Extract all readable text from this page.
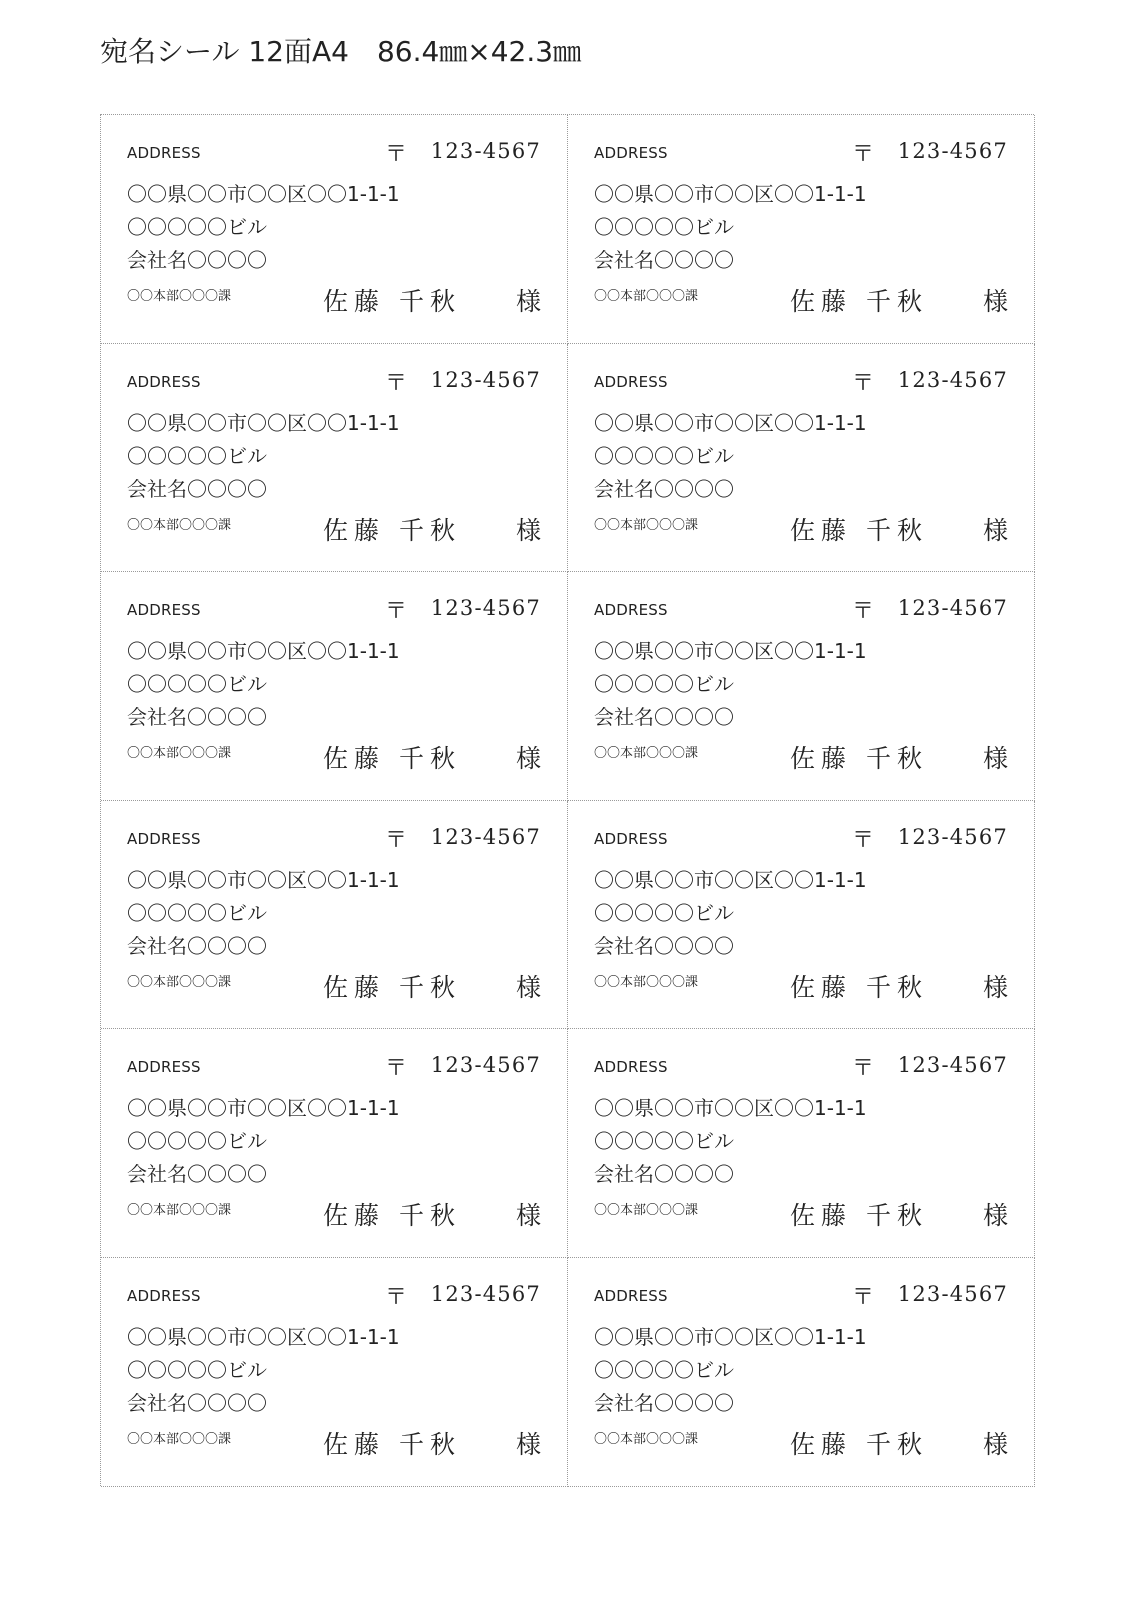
宛名シール 12面A4　86.4㎜×42.3㎜
ADDRESS	〒 123-4567
〇〇県〇〇市〇〇区〇〇1-1-1
〇〇〇〇〇ビル
会社名〇〇〇〇
〇〇本部〇〇〇課	佐藤 千秋 様
ADDRESS	〒 123-4567
〇〇県〇〇市〇〇区〇〇1-1-1
〇〇〇〇〇ビル
会社名〇〇〇〇
〇〇本部〇〇〇課	佐藤 千秋 様
ADDRESS	〒 123-4567
〇〇県〇〇市〇〇区〇〇1-1-1
〇〇〇〇〇ビル
会社名〇〇〇〇
〇〇本部〇〇〇課	佐藤 千秋 様
ADDRESS	〒 123-4567
〇〇県〇〇市〇〇区〇〇1-1-1
〇〇〇〇〇ビル
会社名〇〇〇〇
〇〇本部〇〇〇課	佐藤 千秋 様
ADDRESS	〒 123-4567
〇〇県〇〇市〇〇区〇〇1-1-1
〇〇〇〇〇ビル
会社名〇〇〇〇
〇〇本部〇〇〇課	佐藤 千秋 様
ADDRESS	〒 123-4567
〇〇県〇〇市〇〇区〇〇1-1-1
〇〇〇〇〇ビル
会社名〇〇〇〇
〇〇本部〇〇〇課	佐藤 千秋 様
ADDRESS	〒 123-4567
〇〇県〇〇市〇〇区〇〇1-1-1
〇〇〇〇〇ビル
会社名〇〇〇〇
〇〇本部〇〇〇課	佐藤 千秋 様
ADDRESS	〒 123-4567
〇〇県〇〇市〇〇区〇〇1-1-1
〇〇〇〇〇ビル
会社名〇〇〇〇
〇〇本部〇〇〇課	佐藤 千秋 様
ADDRESS	〒 123-4567
〇〇県〇〇市〇〇区〇〇1-1-1
〇〇〇〇〇ビル
会社名〇〇〇〇
〇〇本部〇〇〇課	佐藤 千秋 様
ADDRESS	〒 123-4567
〇〇県〇〇市〇〇区〇〇1-1-1
〇〇〇〇〇ビル
会社名〇〇〇〇
〇〇本部〇〇〇課	佐藤 千秋 様
ADDRESS	〒 123-4567
〇〇県〇〇市〇〇区〇〇1-1-1
〇〇〇〇〇ビル
会社名〇〇〇〇
〇〇本部〇〇〇課	佐藤 千秋 様
ADDRESS	〒 123-4567
〇〇県〇〇市〇〇区〇〇1-1-1
〇〇〇〇〇ビル
会社名〇〇〇〇
〇〇本部〇〇〇課	佐藤 千秋 様
